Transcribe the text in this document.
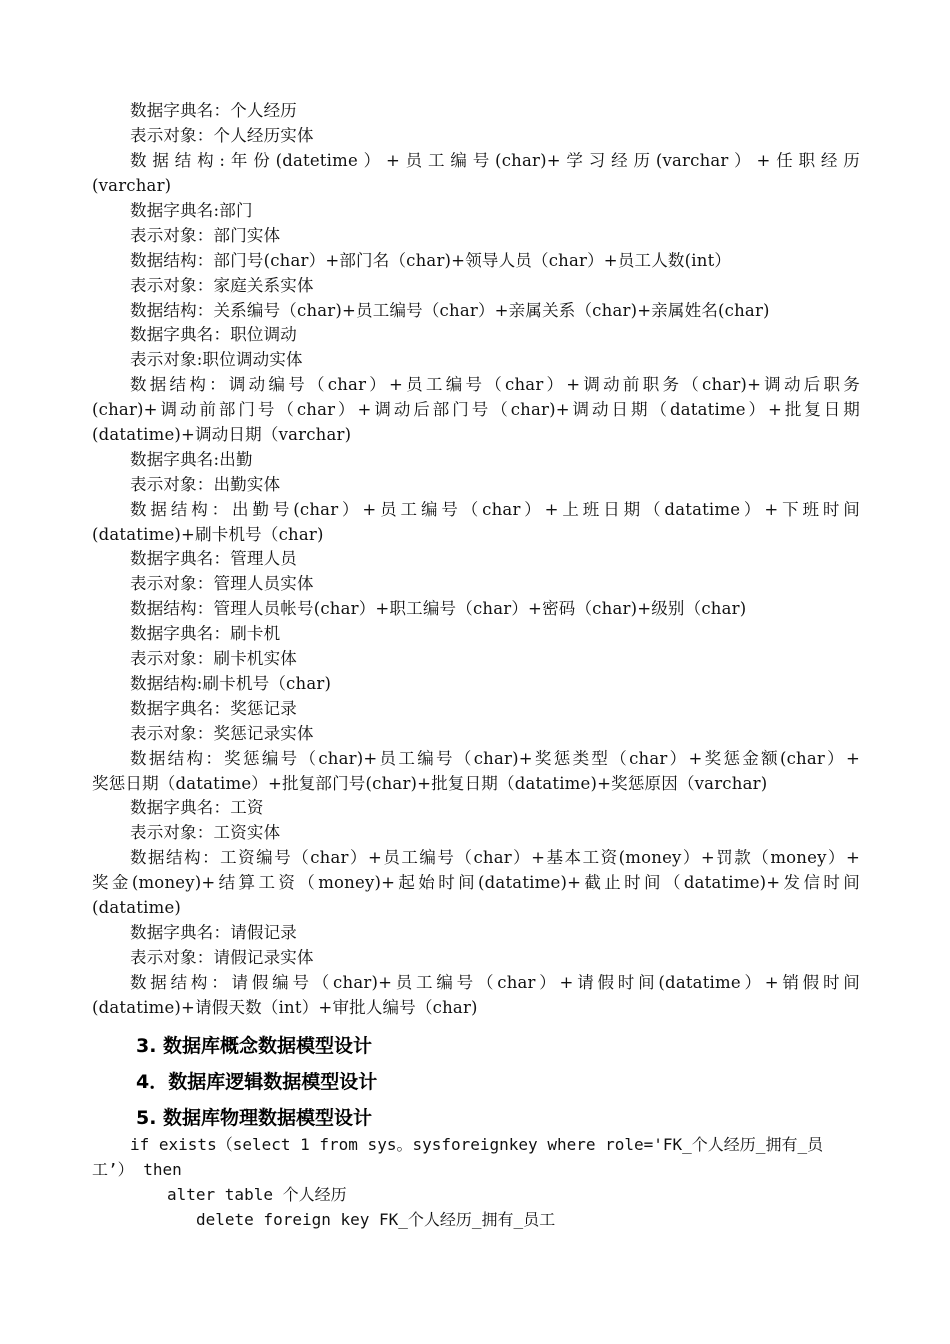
数据字典名：个人经历
表示对象：个人经历实体
数据结构:年份(datetime）+员工编号(char)+学习经历(varchar）+任职经历
(varchar)
数据字典名:部门
表示对象：部门实体
数据结构：部门号(char）+部门名（char)+领导人员（char）+员工人数(int）
表示对象：家庭关系实体
数据结构：关系编号（char)+员工编号（char）+亲属关系（char)+亲属姓名(char)
数据字典名：职位调动
表示对象:职位调动实体
数据结构：调动编号（char）+员工编号（char）+调动前职务（char)+调动后职务
(char)+调动前部门号（char）+调动后部门号（char)+调动日期（datatime）+批复日期
(datatime)+调动日期（varchar)
数据字典名:出勤
表示对象：出勤实体
数据结构：出勤号(char）+员工编号（char）+上班日期（datatime）+下班时间
(datatime)+刷卡机号（char)
数据字典名：管理人员
表示对象：管理人员实体
数据结构：管理人员帐号(char）+职工编号（char）+密码（char)+级别（char)
数据字典名：刷卡机
表示对象：刷卡机实体
数据结构:刷卡机号（char)
数据字典名：奖惩记录
表示对象：奖惩记录实体
数据结构：奖惩编号（char)+员工编号（char)+奖惩类型（char）+奖惩金额(char）+
奖惩日期（datatime）+批复部门号(char)+批复日期（datatime)+奖惩原因（varchar)
数据字典名：工资
表示对象：工资实体
数据结构：工资编号（char）+员工编号（char）+基本工资(money）+罚款（money）+
奖金(money)+结算工资（money)+起始时间(datatime)+截止时间（datatime)+发信时间
(datatime)
数据字典名：请假记录
表示对象：请假记录实体
数据结构：请假编号（char)+员工编号（char）+请假时间(datatime）+销假时间
(datatime)+请假天数（int）+审批人编号（char)
3. 数据库概念数据模型设计
4．数据库逻辑数据模型设计
5. 数据库物理数据模型设计
if exists（select 1 from sys。sysforeignkey where role='FK_个人经历_拥有_员
工’） then
alter table 个人经历
delete foreign key FK_个人经历_拥有_员工
